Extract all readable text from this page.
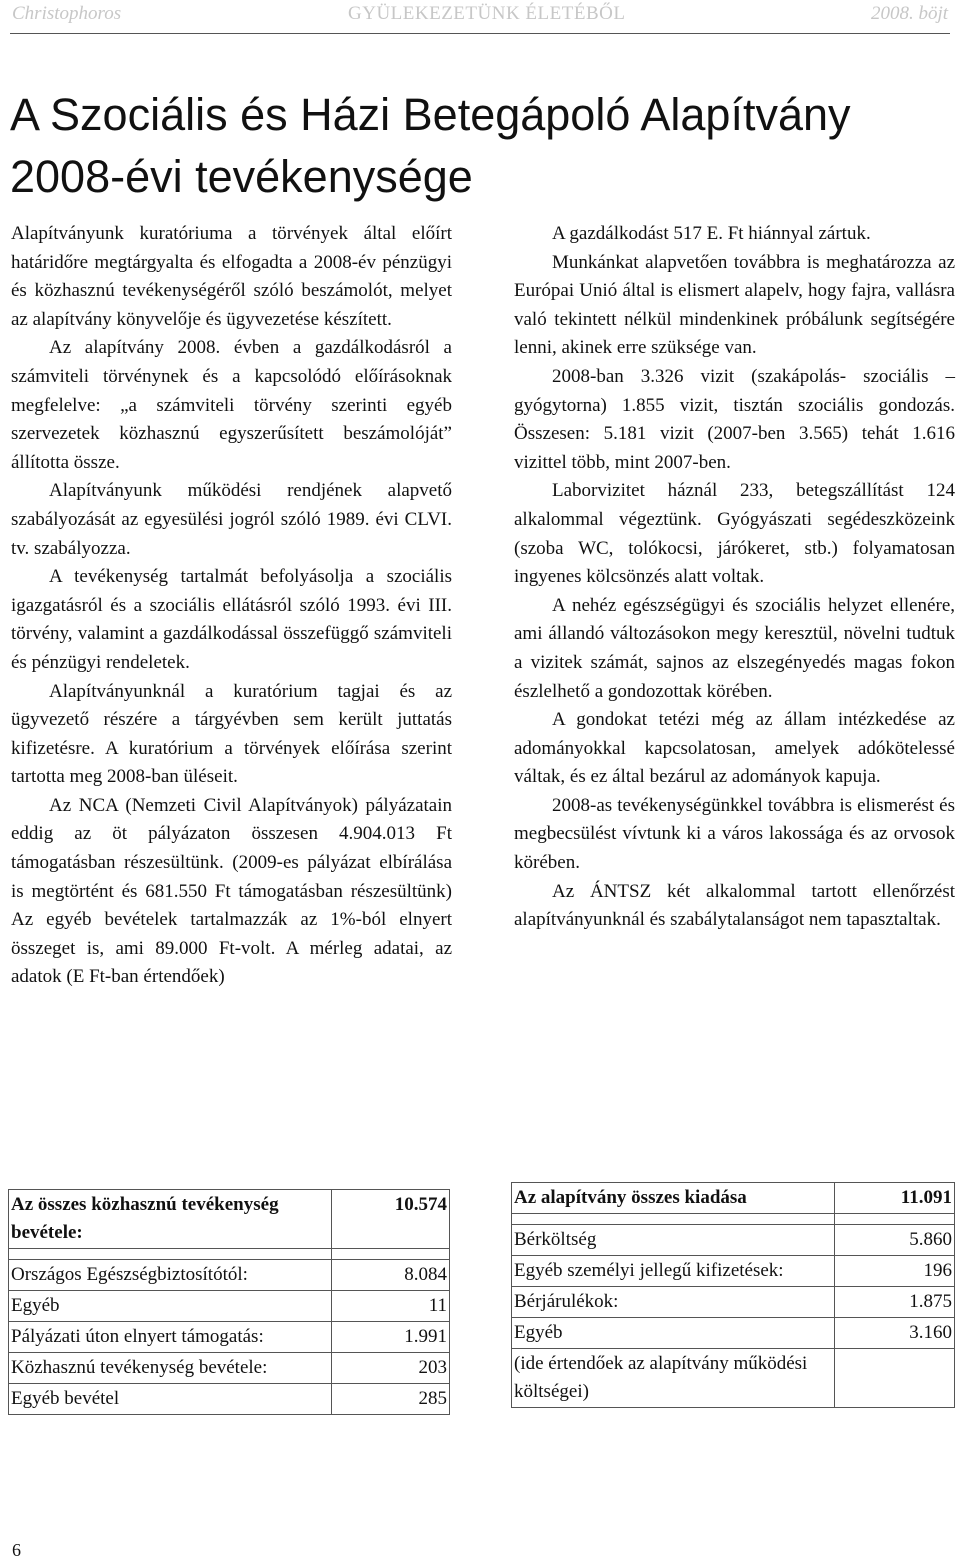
Christophoros	GYÜLEKEZETÜNK ÉLETÉBŐL	2008. böjt
A Szociális és Házi Betegápoló Alapítvány 2008-évi tevékenysége

Alapítványunk kuratóriuma a törvények által előírt határidőre megtárgyalta és elfogadta a 2008-év pénzügyi és közhasznú tevékenységéről szóló beszámolót, melyet az alapítvány könyvelője és ügyvezetése készített.

Az alapítvány 2008. évben a gazdálkodásról a számviteli törvénynek és a kapcsolódó előírásoknak megfelelve: „a számviteli törvény szerinti egyéb szervezetek közhasznú egyszerűsített beszámolóját” állította össze.

Alapítványunk működési rendjének alapvető szabályozását az egyesülési jogról szóló 1989. évi CLVI. tv. szabályozza.

A tevékenység tartalmát befolyásolja a szociális igazgatásról és a szociális ellátásról szóló 1993. évi III. törvény, valamint a gazdálkodással összefüggő számviteli és pénzügyi rendeletek.

Alapítványunknál a kuratórium tagjai és az ügyvezető részére a tárgyévben sem került juttatás kifizetésre. A kuratórium a törvények előírása szerint tartotta meg 2008-ban üléseit.

Az NCA (Nemzeti Civil Alapítványok) pályázatain eddig az öt pályázaton összesen 4.904.013 Ft támogatásban részesültünk. (2009-es pályázat elbírálása is megtörtént és 681.550 Ft támogatásban részesültünk) Az egyéb bevételek tartalmazzák az 1%-ból elnyert összeget is, ami 89.000 Ft-volt. A mérleg adatai, az adatok (E Ft-ban értendőek)

A gazdálkodást 517 E. Ft hiánnyal zártuk.

Munkánkat alapvetően továbbra is meghatározza az Európai Unió által is elismert alapelv, hogy fajra, vallásra való tekintett nélkül mindenkinek próbálunk segítségére lenni, akinek erre szüksége van.

2008-ban 3.326 vizit (szakápolás- szociális – gyógytorna) 1.855 vizit, tisztán szociális gondozás. Összesen: 5.181 vizit (2007-ben 3.565) tehát 1.616 vizittel több, mint 2007-ben.

Laborvizitet háznál 233, betegszállítást 124 alkalommal végeztünk. Gyógyászati segédeszközeink (szoba WC, tolókocsi, járókeret, stb.) folyamatosan ingyenes kölcsönzés alatt voltak.

A nehéz egészségügyi és szociális helyzet ellenére, ami állandó változásokon megy keresztül, növelni tudtuk a vizitek számát, sajnos az elszegényedés magas fokon észlelhető a gondozottak körében.

A gondokat tetézi még az állam intézkedése az adományokkal kapcsolatosan, amelyek adókötelessé váltak, és ez által bezárul az adományok kapuja.

2008-as tevékenységünkkel továbbra is elismerést és megbecsülést vívtunk ki a város lakossága és az orvosok körében.

Az ÁNTSZ két alkalommal tartott ellenőrzést alapítványunknál és szabálytalanságot nem tapasztaltak.

Az összes közhasznú tevékenység bevétele:	10.574

Országos Egészségbiztosítótól:	8.084
Egyéb	11
Pályázati úton elnyert támogatás:	1.991
Közhasznú tevékenység bevétele:	203
Egyéb bevétel	285
Az alapítvány összes kiadása	11.091

Bérköltség	5.860
Egyéb személyi jellegű kifizetések:	196
Bérjárulékok:	1.875
Egyéb	3.160
(ide értendőek az alapítvány működési költségei)	
6
